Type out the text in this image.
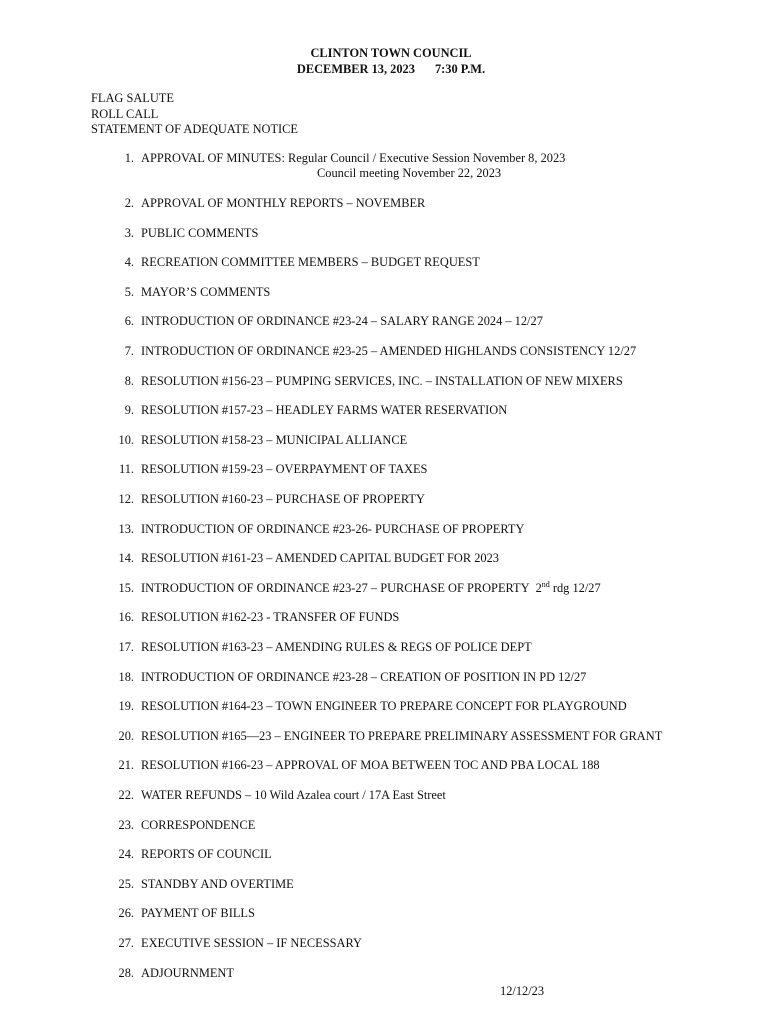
CLINTON TOWN COUNCIL
DECEMBER 13, 2023 7:30 P.M.
FLAG SALUTE
ROLL CALL
STATEMENT OF ADEQUATE NOTICE
1. APPROVAL OF MINUTES: Regular Council / Executive Session November 8, 2023
Council meeting November 22, 2023
2. APPROVAL OF MONTHLY REPORTS – NOVEMBER
3. PUBLIC COMMENTS
4. RECREATION COMMITTEE MEMBERS – BUDGET REQUEST
5. MAYOR’S COMMENTS
6. INTRODUCTION OF ORDINANCE #23-24 – SALARY RANGE 2024 – 12/27
7. INTRODUCTION OF ORDINANCE #23-25 – AMENDED HIGHLANDS CONSISTENCY 12/27
8. RESOLUTION #156-23 – PUMPING SERVICES, INC. – INSTALLATION OF NEW MIXERS
9. RESOLUTION #157-23 – HEADLEY FARMS WATER RESERVATION
10. RESOLUTION #158-23 – MUNICIPAL ALLIANCE
11. RESOLUTION #159-23 – OVERPAYMENT OF TAXES
12. RESOLUTION #160-23 – PURCHASE OF PROPERTY
13. INTRODUCTION OF ORDINANCE #23-26- PURCHASE OF PROPERTY
14. RESOLUTION #161-23 – AMENDED CAPITAL BUDGET FOR 2023
15. INTRODUCTION OF ORDINANCE #23-27 – PURCHASE OF PROPERTY 2nd rdg 12/27
16. RESOLUTION #162-23 - TRANSFER OF FUNDS
17. RESOLUTION #163-23 – AMENDING RULES & REGS OF POLICE DEPT
18. INTRODUCTION OF ORDINANCE #23-28 – CREATION OF POSITION IN PD 12/27
19. RESOLUTION #164-23 – TOWN ENGINEER TO PREPARE CONCEPT FOR PLAYGROUND
20. RESOLUTION #165—23 – ENGINEER TO PREPARE PRELIMINARY ASSESSMENT FOR GRANT
21. RESOLUTION #166-23 – APPROVAL OF MOA BETWEEN TOC AND PBA LOCAL 188
22. WATER REFUNDS – 10 Wild Azalea court / 17A East Street
23. CORRESPONDENCE
24. REPORTS OF COUNCIL
25. STANDBY AND OVERTIME
26. PAYMENT OF BILLS
27. EXECUTIVE SESSION – IF NECESSARY
28. ADJOURNMENT
12/12/23
